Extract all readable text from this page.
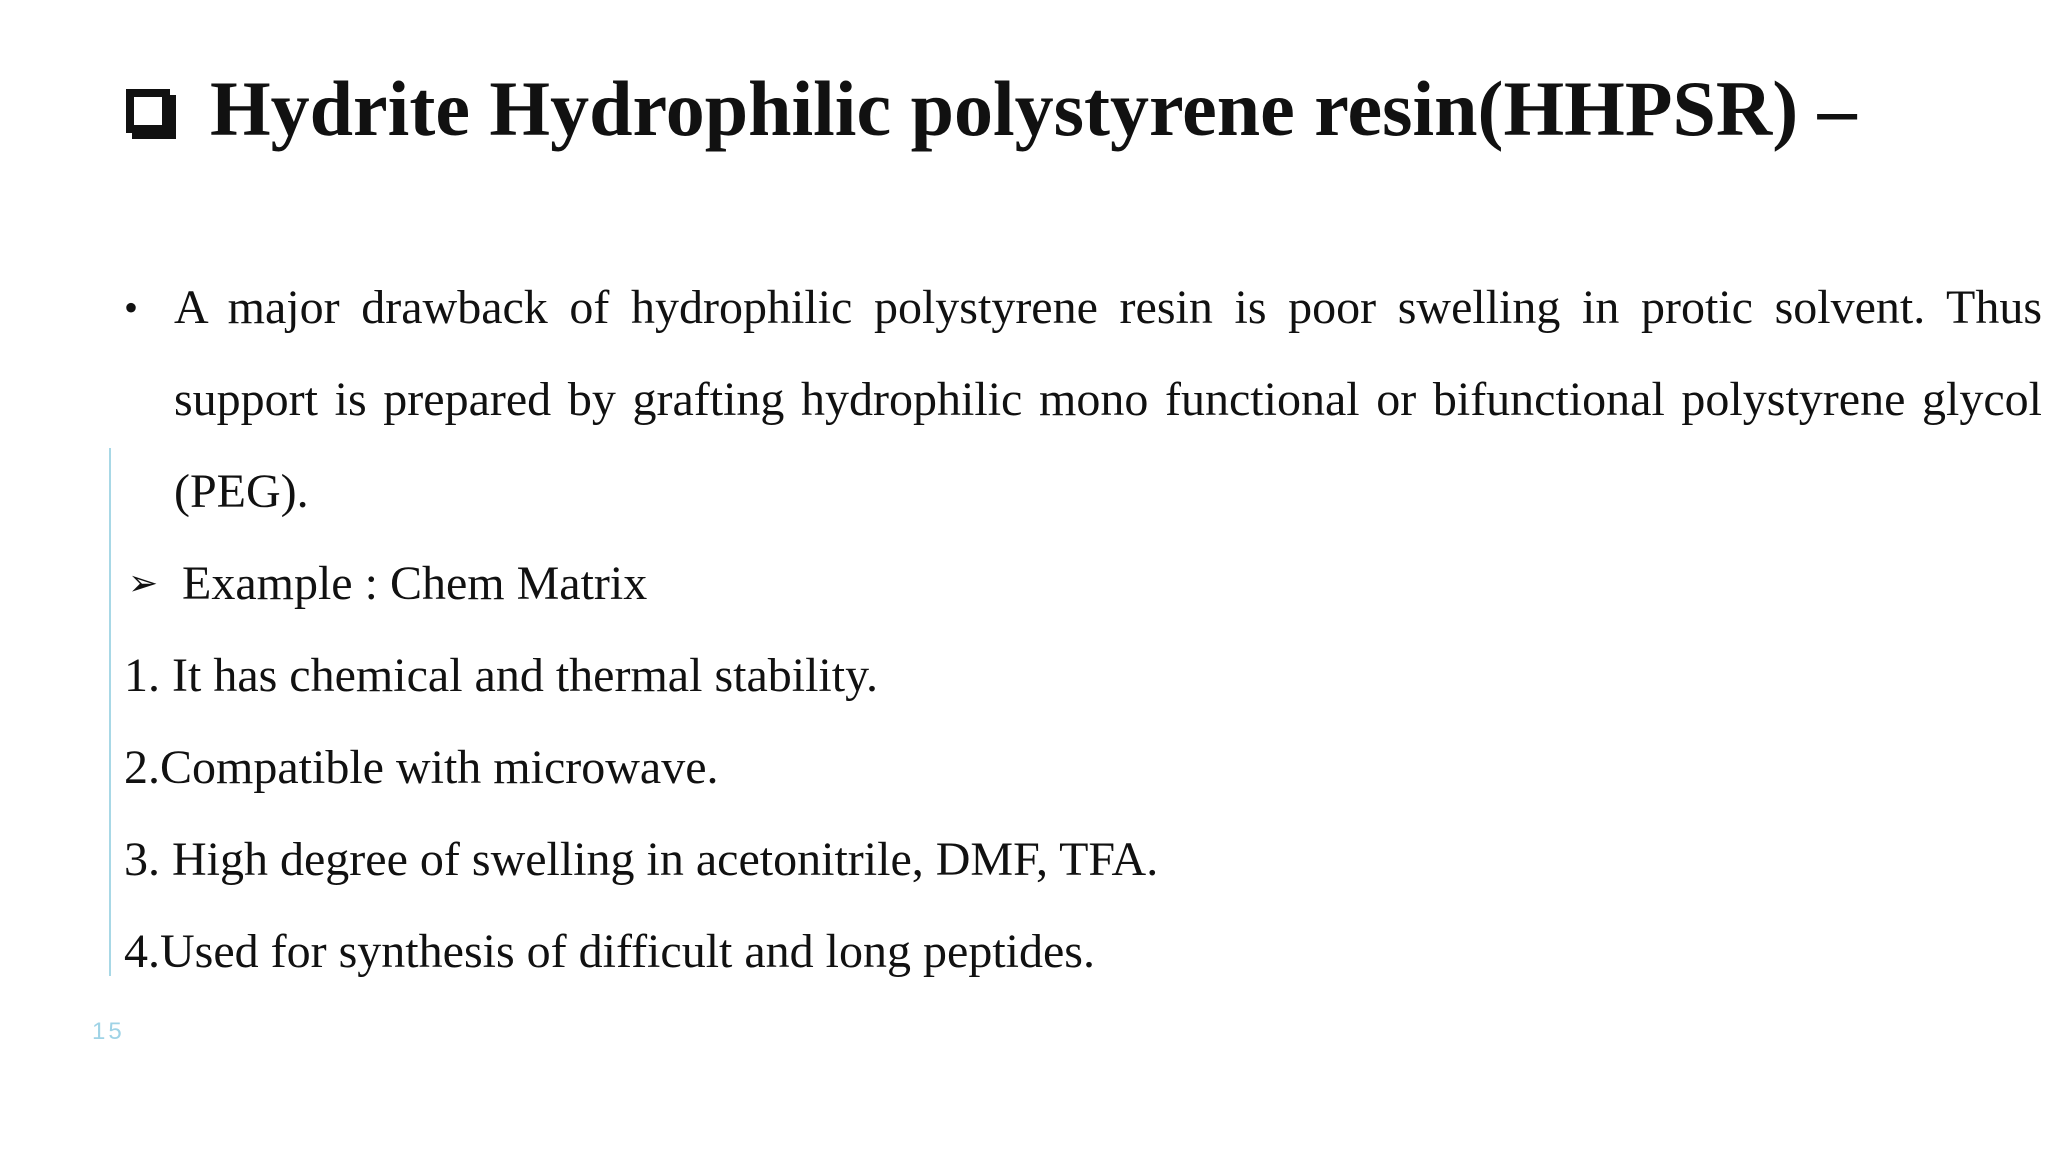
Hydrite Hydrophilic polystyrene resin(HHPSR) –
• A major drawback of hydrophilic polystyrene resin is poor swelling in protic solvent. Thus support is prepared by grafting hydrophilic mono functional or bifunctional polystyrene glycol (PEG).
➢ Example : Chem Matrix
1. It has chemical and thermal stability.
2.Compatible with microwave.
3. High degree of swelling in acetonitrile, DMF, TFA.
4.Used for synthesis of difficult and long peptides.
15
